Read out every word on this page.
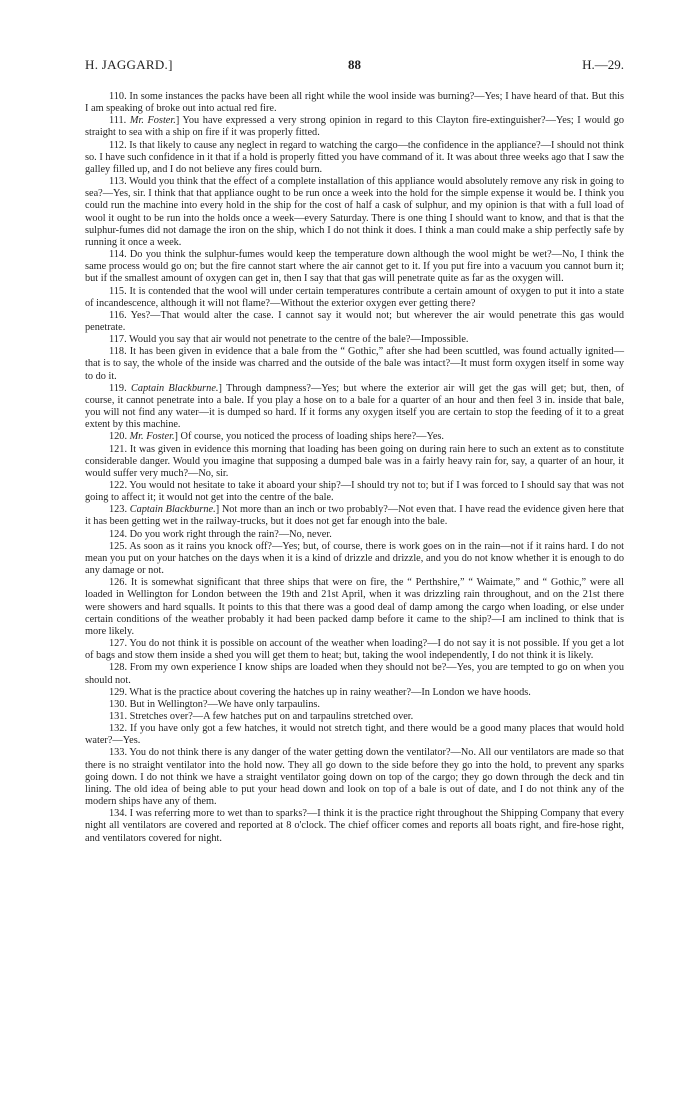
H. JAGGARD.]	88	H.—29.

110. In some instances the packs have been all right while the wool inside was burning?—Yes; I have heard of that. But this I am speaking of broke out into actual red fire.

111. Mr. Foster.] You have expressed a very strong opinion in regard to this Clayton fire-extinguisher?—Yes; I would go straight to sea with a ship on fire if it was properly fitted.

112. Is that likely to cause any neglect in regard to watching the cargo—the confidence in the appliance?—I should not think so. I have such confidence in it that if a hold is properly fitted you have command of it. It was about three weeks ago that I saw the galley filled up, and I do not believe any fires could burn.

113. Would you think that the effect of a complete installation of this appliance would absolutely remove any risk in going to sea?—Yes, sir. I think that that appliance ought to be run once a week into the hold for the simple expense it would be. I think you could run the machine into every hold in the ship for the cost of half a cask of sulphur, and my opinion is that with a full load of wool it ought to be run into the holds once a week—every Saturday. There is one thing I should want to know, and that is that the sulphur-fumes did not damage the iron on the ship, which I do not think it does. I think a man could make a ship perfectly safe by running it once a week.

114. Do you think the sulphur-fumes would keep the temperature down although the wool might be wet?—No, I think the same process would go on; but the fire cannot start where the air cannot get to it. If you put fire into a vacuum you cannot burn it; but if the smallest amount of oxygen can get in, then I say that that gas will penetrate quite as far as the oxygen will.

115. It is contended that the wool will under certain temperatures contribute a certain amount of oxygen to put it into a state of incandescence, although it will not flame?—Without the exterior oxygen ever getting there?

116. Yes?—That would alter the case. I cannot say it would not; but wherever the air would penetrate this gas would penetrate.

117. Would you say that air would not penetrate to the centre of the bale?—Impossible.

118. It has been given in evidence that a bale from the “ Gothic,” after she had been scuttled, was found actually ignited—that is to say, the whole of the inside was charred and the outside of the bale was intact?—It must form oxygen itself in some way to do it.

119. Captain Blackburne.] Through dampness?—Yes; but where the exterior air will get the gas will get; but, then, of course, it cannot penetrate into a bale. If you play a hose on to a bale for a quarter of an hour and then feel 3 in. inside that bale, you will not find any water—it is dumped so hard. If it forms any oxygen itself you are certain to stop the feeding of it to a great extent by this machine.

120. Mr. Foster.] Of course, you noticed the process of loading ships here?—Yes.

121. It was given in evidence this morning that loading has been going on during rain here to such an extent as to constitute considerable danger. Would you imagine that supposing a dumped bale was in a fairly heavy rain for, say, a quarter of an hour, it would suffer very much?—No, sir.

122. You would not hesitate to take it aboard your ship?—I should try not to; but if I was forced to I should say that was not going to affect it; it would not get into the centre of the bale.

123. Captain Blackburne.] Not more than an inch or two probably?—Not even that. I have read the evidence given here that it has been getting wet in the railway-trucks, but it does not get far enough into the bale.

124. Do you work right through the rain?—No, never.

125. As soon as it rains you knock off?—Yes; but, of course, there is work goes on in the rain—not if it rains hard. I do not mean you put on your hatches on the days when it is a kind of drizzle and drizzle, and you do not know whether it is enough to do any damage or not.

126. It is somewhat significant that three ships that were on fire, the “ Perthshire,” “ Waimate,” and “ Gothic,” were all loaded in Wellington for London between the 19th and 21st April, when it was drizzling rain throughout, and on the 21st there were showers and hard squalls. It points to this that there was a good deal of damp among the cargo when loading, or else under certain conditions of the weather probably it had been packed damp before it came to the ship?—I am inclined to think that is more likely.

127. You do not think it is possible on account of the weather when loading?—I do not say it is not possible. If you get a lot of bags and stow them inside a shed you will get them to heat; but, taking the wool independently, I do not think it is likely.

128. From my own experience I know ships are loaded when they should not be?—Yes, you are tempted to go on when you should not.

129. What is the practice about covering the hatches up in rainy weather?—In London we have hoods.

130. But in Wellington?—We have only tarpaulins.

131. Stretches over?—A few hatches put on and tarpaulins stretched over.

132. If you have only got a few hatches, it would not stretch tight, and there would be a good many places that would hold water?—Yes.

133. You do not think there is any danger of the water getting down the ventilator?—No. All our ventilators are made so that there is no straight ventilator into the hold now. They all go down to the side before they go into the hold, to prevent any sparks going down. I do not think we have a straight ventilator going down on top of the cargo; they go down through the deck and tin lining. The old idea of being able to put your head down and look on top of a bale is out of date, and I do not think any of the modern ships have any of them.

134. I was referring more to wet than to sparks?—I think it is the practice right throughout the Shipping Company that every night all ventilators are covered and reported at 8 o'clock. The chief officer comes and reports all boats right, and fire-hose right, and ventilators covered for night.
